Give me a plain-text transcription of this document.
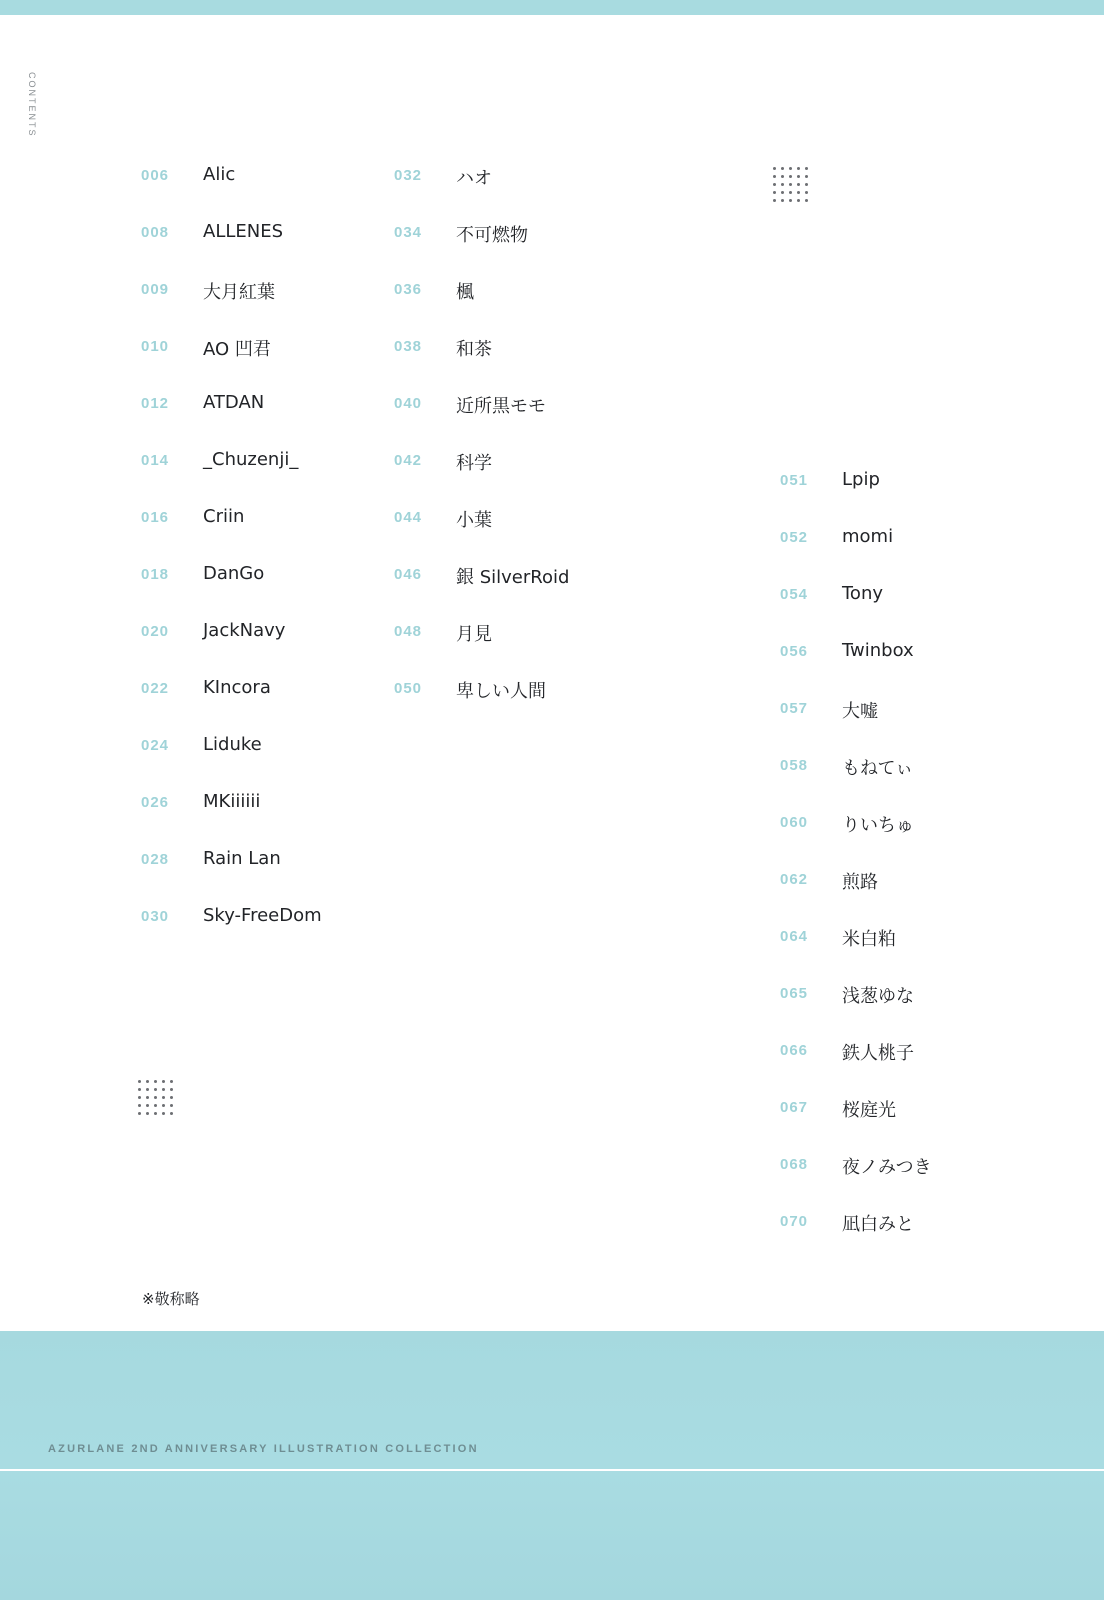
CONTENTS
006 Alic
008 ALLENES
009 大月紅葉
010 AO 凹君
012 ATDAN
014 _Chuzenji_
016 Criin
018 DanGo
020 JackNavy
022 KIncora
024 Liduke
026 MKiiiiii
028 Rain Lan
030 Sky-FreeDom
032 ハオ
034 不可燃物
036 楓
038 和茶
040 近所黒モモ
042 科学
044 小葉
046 銀 SilverRoid
048 月見
050 卑しい人間
051 Lpip
052 momi
054 Tony
056 Twinbox
057 大嘘
058 もねてぃ
060 りいちゅ
062 煎路
064 米白粕
065 浅葱ゆな
066 鉄人桃子
067 桜庭光
068 夜ノみつき
070 凪白みと
※敬称略
AZURLANE 2ND ANNIVERSARY ILLUSTRATION COLLECTION
